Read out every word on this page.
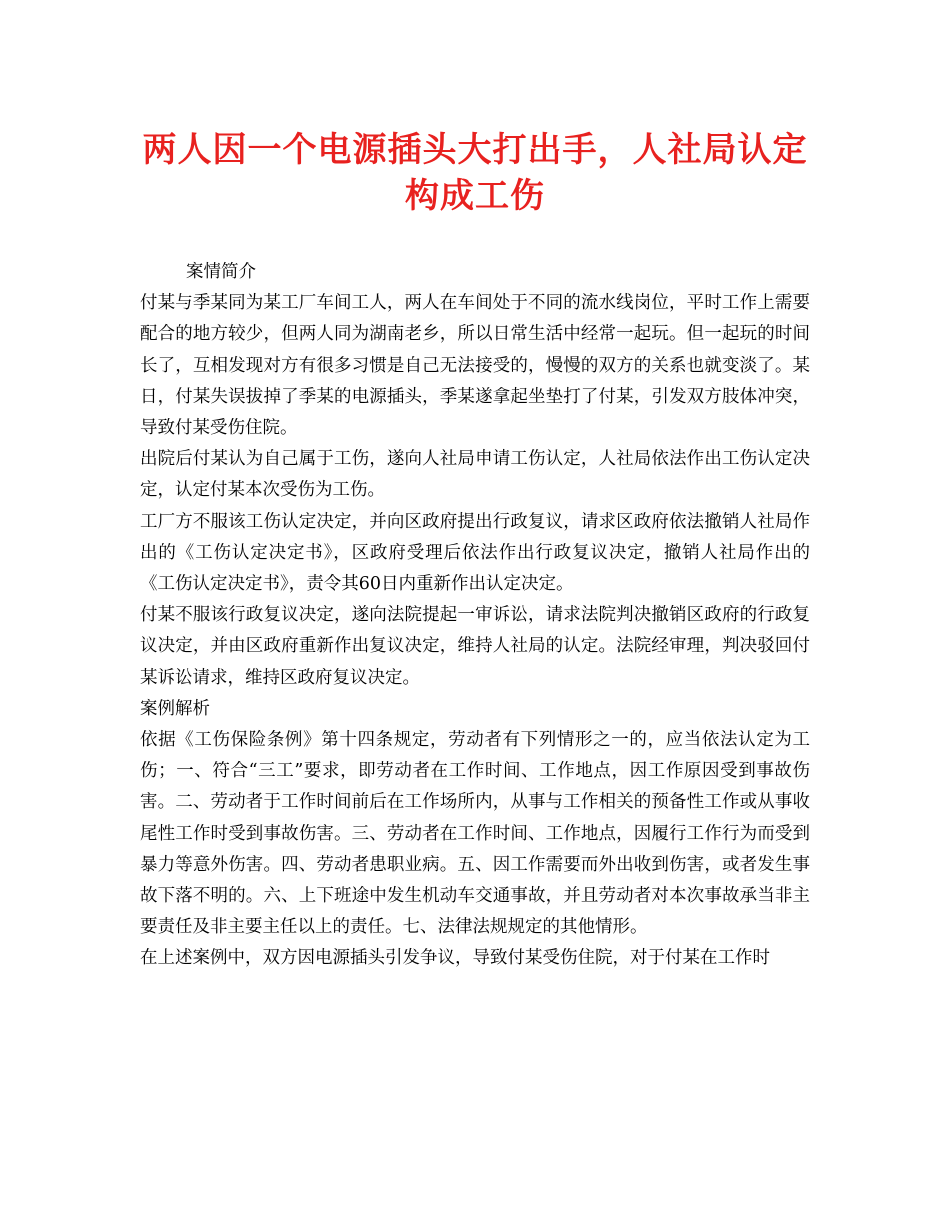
两人因一个电源插头大打出手，人社局认定
构成工伤

案情简介

付某与季某同为某工厂车间工人，两人在车间处于不同的流水线岗位，平时工作上需要配合的地方较少，但两人同为湖南老乡，所以日常生活中经常一起玩。但一起玩的时间长了，互相发现对方有很多习惯是自己无法接受的，慢慢的双方的关系也就变淡了。某日，付某失误拔掉了季某的电源插头，季某遂拿起坐垫打了付某，引发双方肢体冲突，导致付某受伤住院。

出院后付某认为自己属于工伤，遂向人社局申请工伤认定，人社局依法作出工伤认定决定，认定付某本次受伤为工伤。

工厂方不服该工伤认定决定，并向区政府提出行政复议，请求区政府依法撤销人社局作出的《工伤认定决定书》，区政府受理后依法作出行政复议决定，撤销人社局作出的《工伤认定决定书》，责令其60日内重新作出认定决定。

付某不服该行政复议决定，遂向法院提起一审诉讼，请求法院判决撤销区政府的行政复议决定，并由区政府重新作出复议决定，维持人社局的认定。法院经审理，判决驳回付某诉讼请求，维持区政府复议决定。

案例解析

依据《工伤保险条例》第十四条规定，劳动者有下列情形之一的，应当依法认定为工伤；一、符合“三工”要求，即劳动者在工作时间、工作地点，因工作原因受到事故伤害。二、劳动者于工作时间前后在工作场所内，从事与工作相关的预备性工作或从事收尾性工作时受到事故伤害。三、劳动者在工作时间、工作地点，因履行工作行为而受到暴力等意外伤害。四、劳动者患职业病。五、因工作需要而外出收到伤害，或者发生事故下落不明的。六、上下班途中发生机动车交通事故，并且劳动者对本次事故承当非主要责任及非主要主任以上的责任。七、法律法规规定的其他情形。

在上述案例中，双方因电源插头引发争议，导致付某受伤住院，对于付某在工作时
